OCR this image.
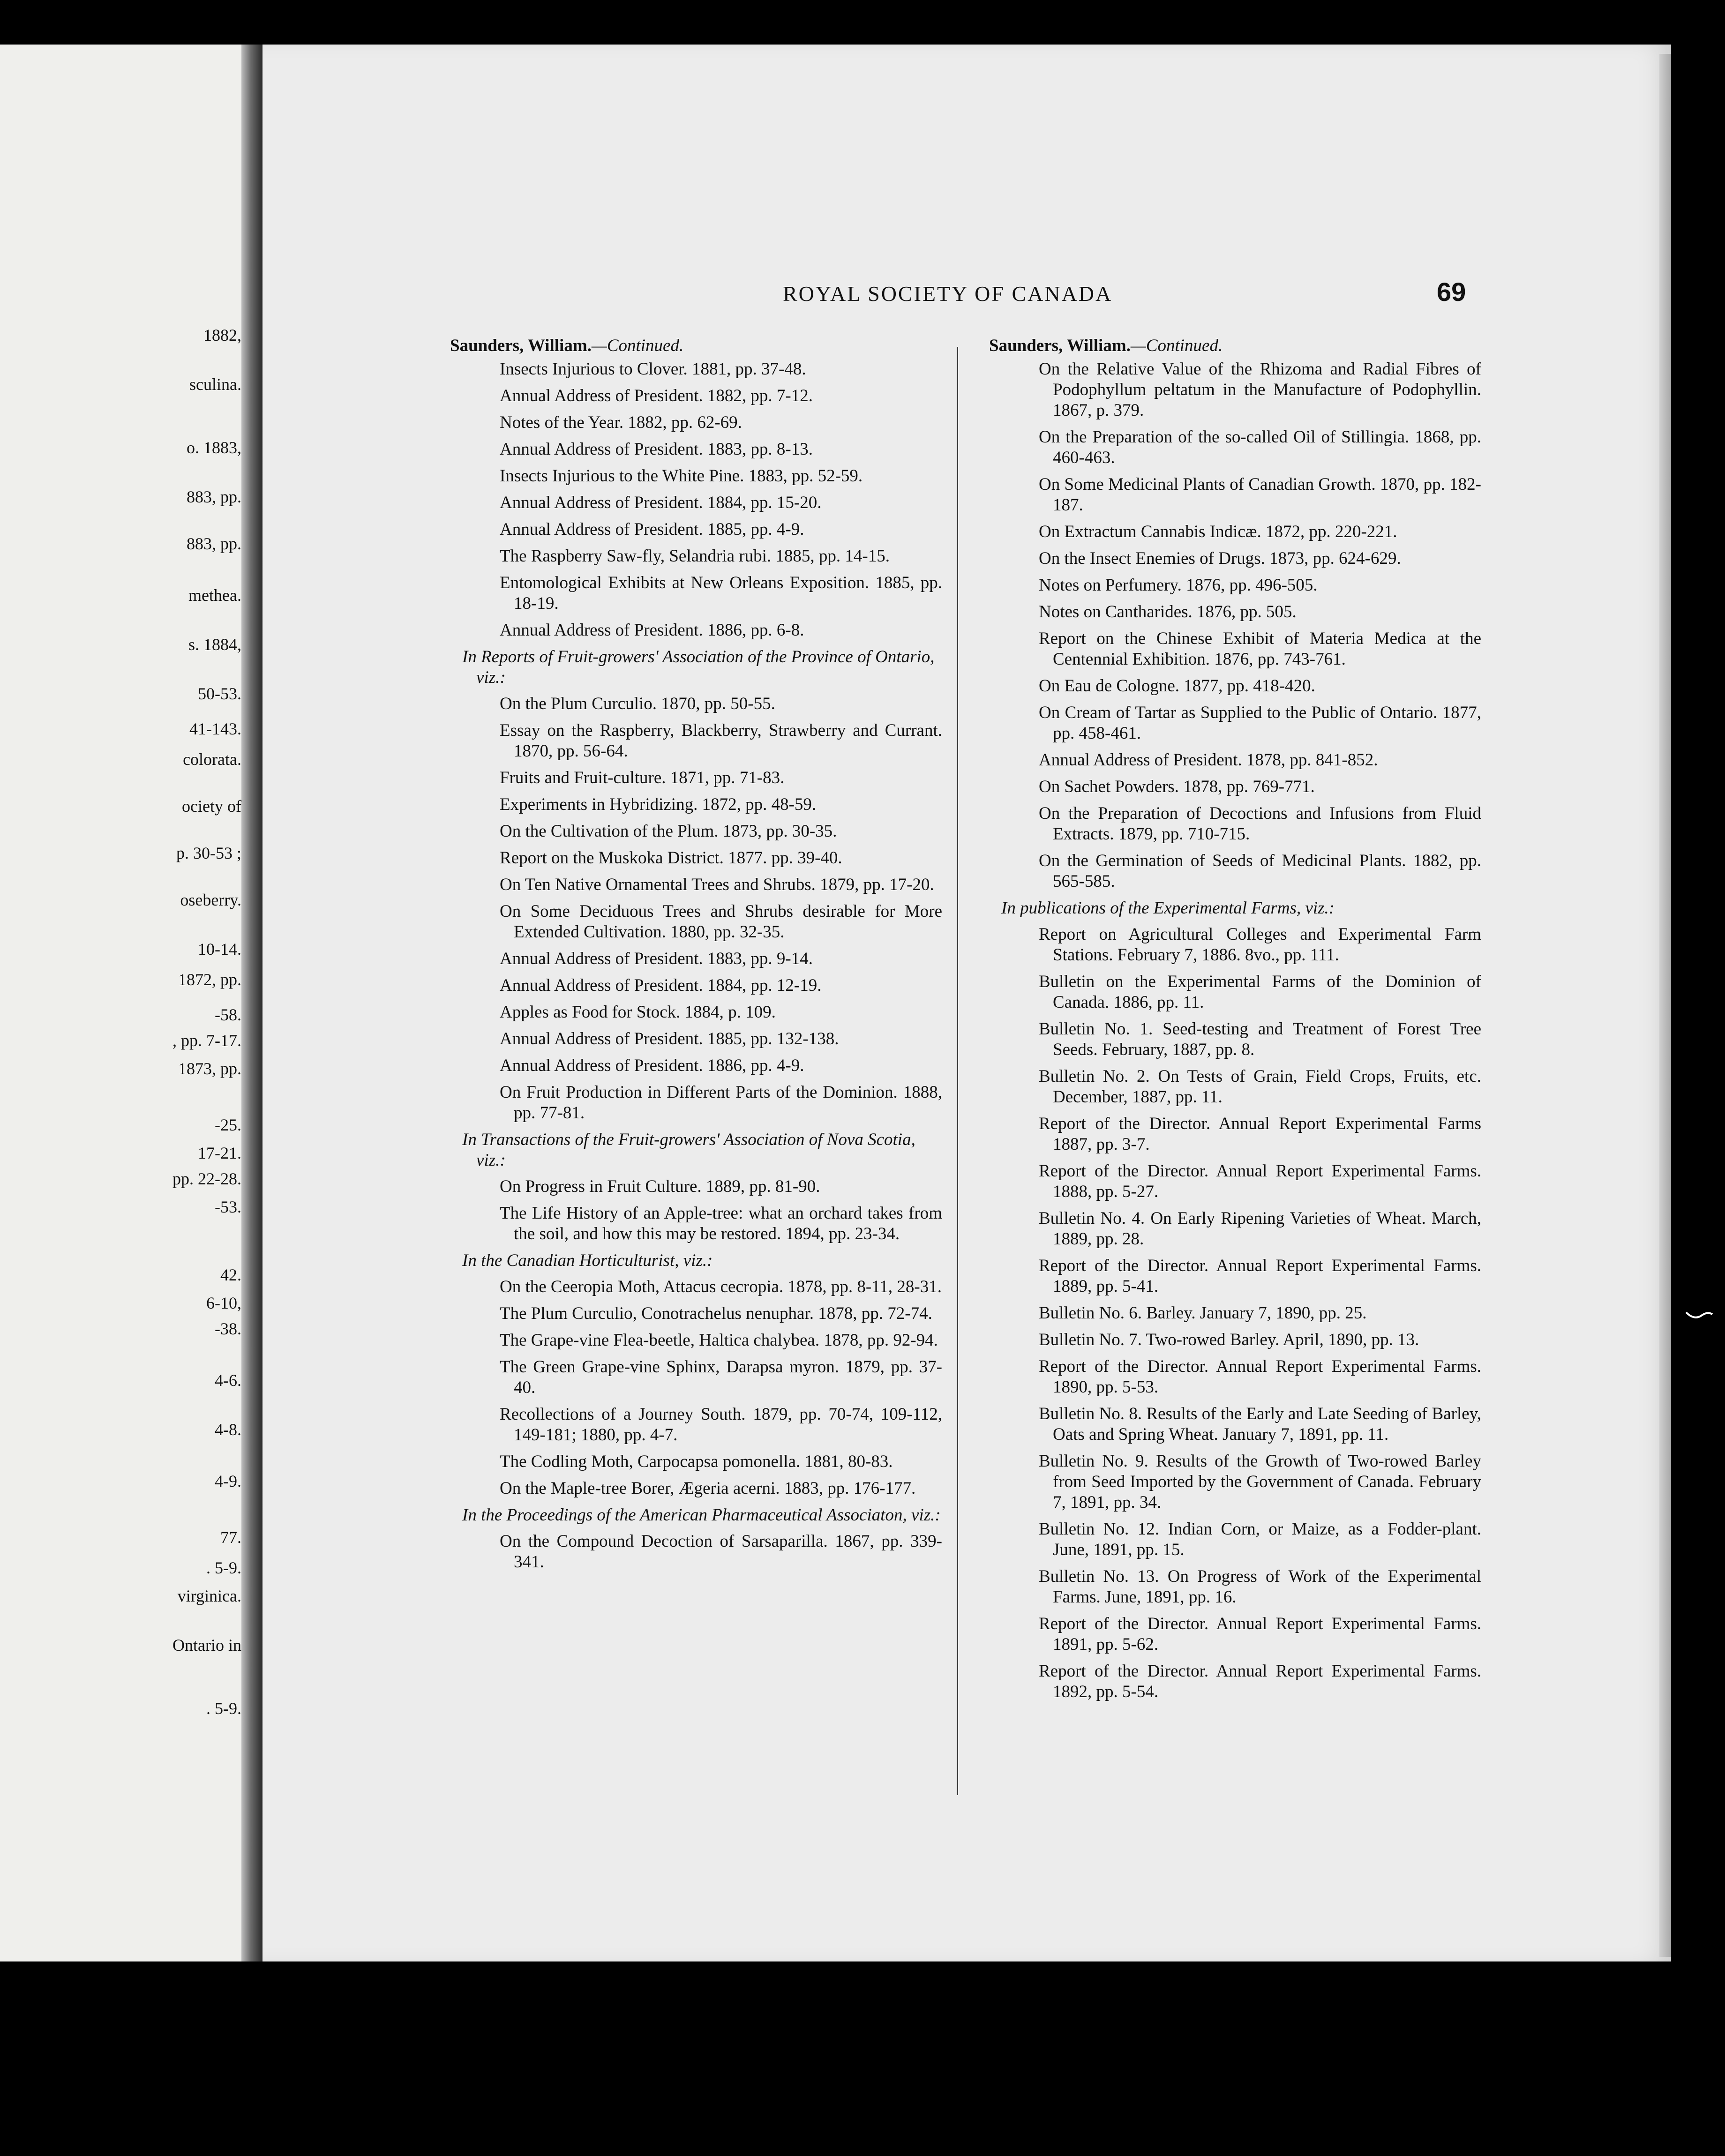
1882,
sculina.
o. 1883,
883, pp.
883, pp.
methea.
s. 1884,
50-53.
41-143.
colorata.
ociety of
p. 30-53 ;
oseberry.
10-14.
1872, pp.
-58.
, pp. 7-17.
1873, pp.
-25.
17-21.
pp. 22-28.
-53.
42.
6-10,
-38.
4-6.
4-8.
4-9.
77.
. 5-9.
virginica.
Ontario in
. 5-9.
ROYAL SOCIETY OF CANADA	69
Saunders, William.—Continued.
Insects Injurious to Clover. 1881, pp. 37-48.
Annual Address of President. 1882, pp. 7-12.
Notes of the Year. 1882, pp. 62-69.
Annual Address of President. 1883, pp. 8-13.
Insects Injurious to the White Pine. 1883, pp. 52-59.
Annual Address of President. 1884, pp. 15-20.
Annual Address of President. 1885, pp. 4-9.
The Raspberry Saw-fly, Selandria rubi. 1885, pp. 14-15.
Entomological Exhibits at New Orleans Exposition. 1885, pp. 18-19.
Annual Address of President. 1886, pp. 6-8.
In Reports of Fruit-growers' Association of the Province of Ontario, viz.:
On the Plum Curculio. 1870, pp. 50-55.
Essay on the Raspberry, Blackberry, Strawberry and Currant. 1870, pp. 56-64.
Fruits and Fruit-culture. 1871, pp. 71-83.
Experiments in Hybridizing. 1872, pp. 48-59.
On the Cultivation of the Plum. 1873, pp. 30-35.
Report on the Muskoka District. 1877. pp. 39-40.
On Ten Native Ornamental Trees and Shrubs. 1879, pp. 17-20.
On Some Deciduous Trees and Shrubs desirable for More Extended Cultivation. 1880, pp. 32-35.
Annual Address of President. 1883, pp. 9-14.
Annual Address of President. 1884, pp. 12-19.
Apples as Food for Stock. 1884, p. 109.
Annual Address of President. 1885, pp. 132-138.
Annual Address of President. 1886, pp. 4-9.
On Fruit Production in Different Parts of the Dominion. 1888, pp. 77-81.
In Transactions of the Fruit-growers' Association of Nova Scotia, viz.:
On Progress in Fruit Culture. 1889, pp. 81-90.
The Life History of an Apple-tree: what an orchard takes from the soil, and how this may be restored. 1894, pp. 23-34.
In the Canadian Horticulturist, viz.:
On the Ceeropia Moth, Attacus cecropia. 1878, pp. 8-11, 28-31.
The Plum Curculio, Conotrachelus nenuphar. 1878, pp. 72-74.
The Grape-vine Flea-beetle, Haltica chalybea. 1878, pp. 92-94.
The Green Grape-vine Sphinx, Darapsa myron. 1879, pp. 37-40.
Recollections of a Journey South. 1879, pp. 70-74, 109-112, 149-181; 1880, pp. 4-7.
The Codling Moth, Carpocapsa pomonella. 1881, 80-83.
On the Maple-tree Borer, Ægeria acerni. 1883, pp. 176-177.
In the Proceedings of the American Pharmaceutical Associaton, viz.:
On the Compound Decoction of Sarsaparilla. 1867, pp. 339-341.
Saunders, William.—Continued.
On the Relative Value of the Rhizoma and Radial Fibres of Podophyllum peltatum in the Manufacture of Podophyllin. 1867, p. 379.
On the Preparation of the so-called Oil of Stillingia. 1868, pp. 460-463.
On Some Medicinal Plants of Canadian Growth. 1870, pp. 182-187.
On Extractum Cannabis Indicæ. 1872, pp. 220-221.
On the Insect Enemies of Drugs. 1873, pp. 624-629.
Notes on Perfumery. 1876, pp. 496-505.
Notes on Cantharides. 1876, pp. 505.
Report on the Chinese Exhibit of Materia Medica at the Centennial Exhibition. 1876, pp. 743-761.
On Eau de Cologne. 1877, pp. 418-420.
On Cream of Tartar as Supplied to the Public of Ontario. 1877, pp. 458-461.
Annual Address of President. 1878, pp. 841-852.
On Sachet Powders. 1878, pp. 769-771.
On the Preparation of Decoctions and Infusions from Fluid Extracts. 1879, pp. 710-715.
On the Germination of Seeds of Medicinal Plants. 1882, pp. 565-585.
In publications of the Experimental Farms, viz.:
Report on Agricultural Colleges and Experimental Farm Stations. February 7, 1886. 8vo., pp. 111.
Bulletin on the Experimental Farms of the Dominion of Canada. 1886, pp. 11.
Bulletin No. 1. Seed-testing and Treatment of Forest Tree Seeds. February, 1887, pp. 8.
Bulletin No. 2. On Tests of Grain, Field Crops, Fruits, etc. December, 1887, pp. 11.
Report of the Director. Annual Report Experimental Farms 1887, pp. 3-7.
Report of the Director. Annual Report Experimental Farms. 1888, pp. 5-27.
Bulletin No. 4. On Early Ripening Varieties of Wheat. March, 1889, pp. 28.
Report of the Director. Annual Report Experimental Farms. 1889, pp. 5-41.
Bulletin No. 6. Barley. January 7, 1890, pp. 25.
Bulletin No. 7. Two-rowed Barley. April, 1890, pp. 13.
Report of the Director. Annual Report Experimental Farms. 1890, pp. 5-53.
Bulletin No. 8. Results of the Early and Late Seeding of Barley, Oats and Spring Wheat. January 7, 1891, pp. 11.
Bulletin No. 9. Results of the Growth of Two-rowed Barley from Seed Imported by the Government of Canada. February 7, 1891, pp. 34.
Bulletin No. 12. Indian Corn, or Maize, as a Fodder-plant. June, 1891, pp. 15.
Bulletin No. 13. On Progress of Work of the Experimental Farms. June, 1891, pp. 16.
Report of the Director. Annual Report Experimental Farms. 1891, pp. 5-62.
Report of the Director. Annual Report Experimental Farms. 1892, pp. 5-54.
